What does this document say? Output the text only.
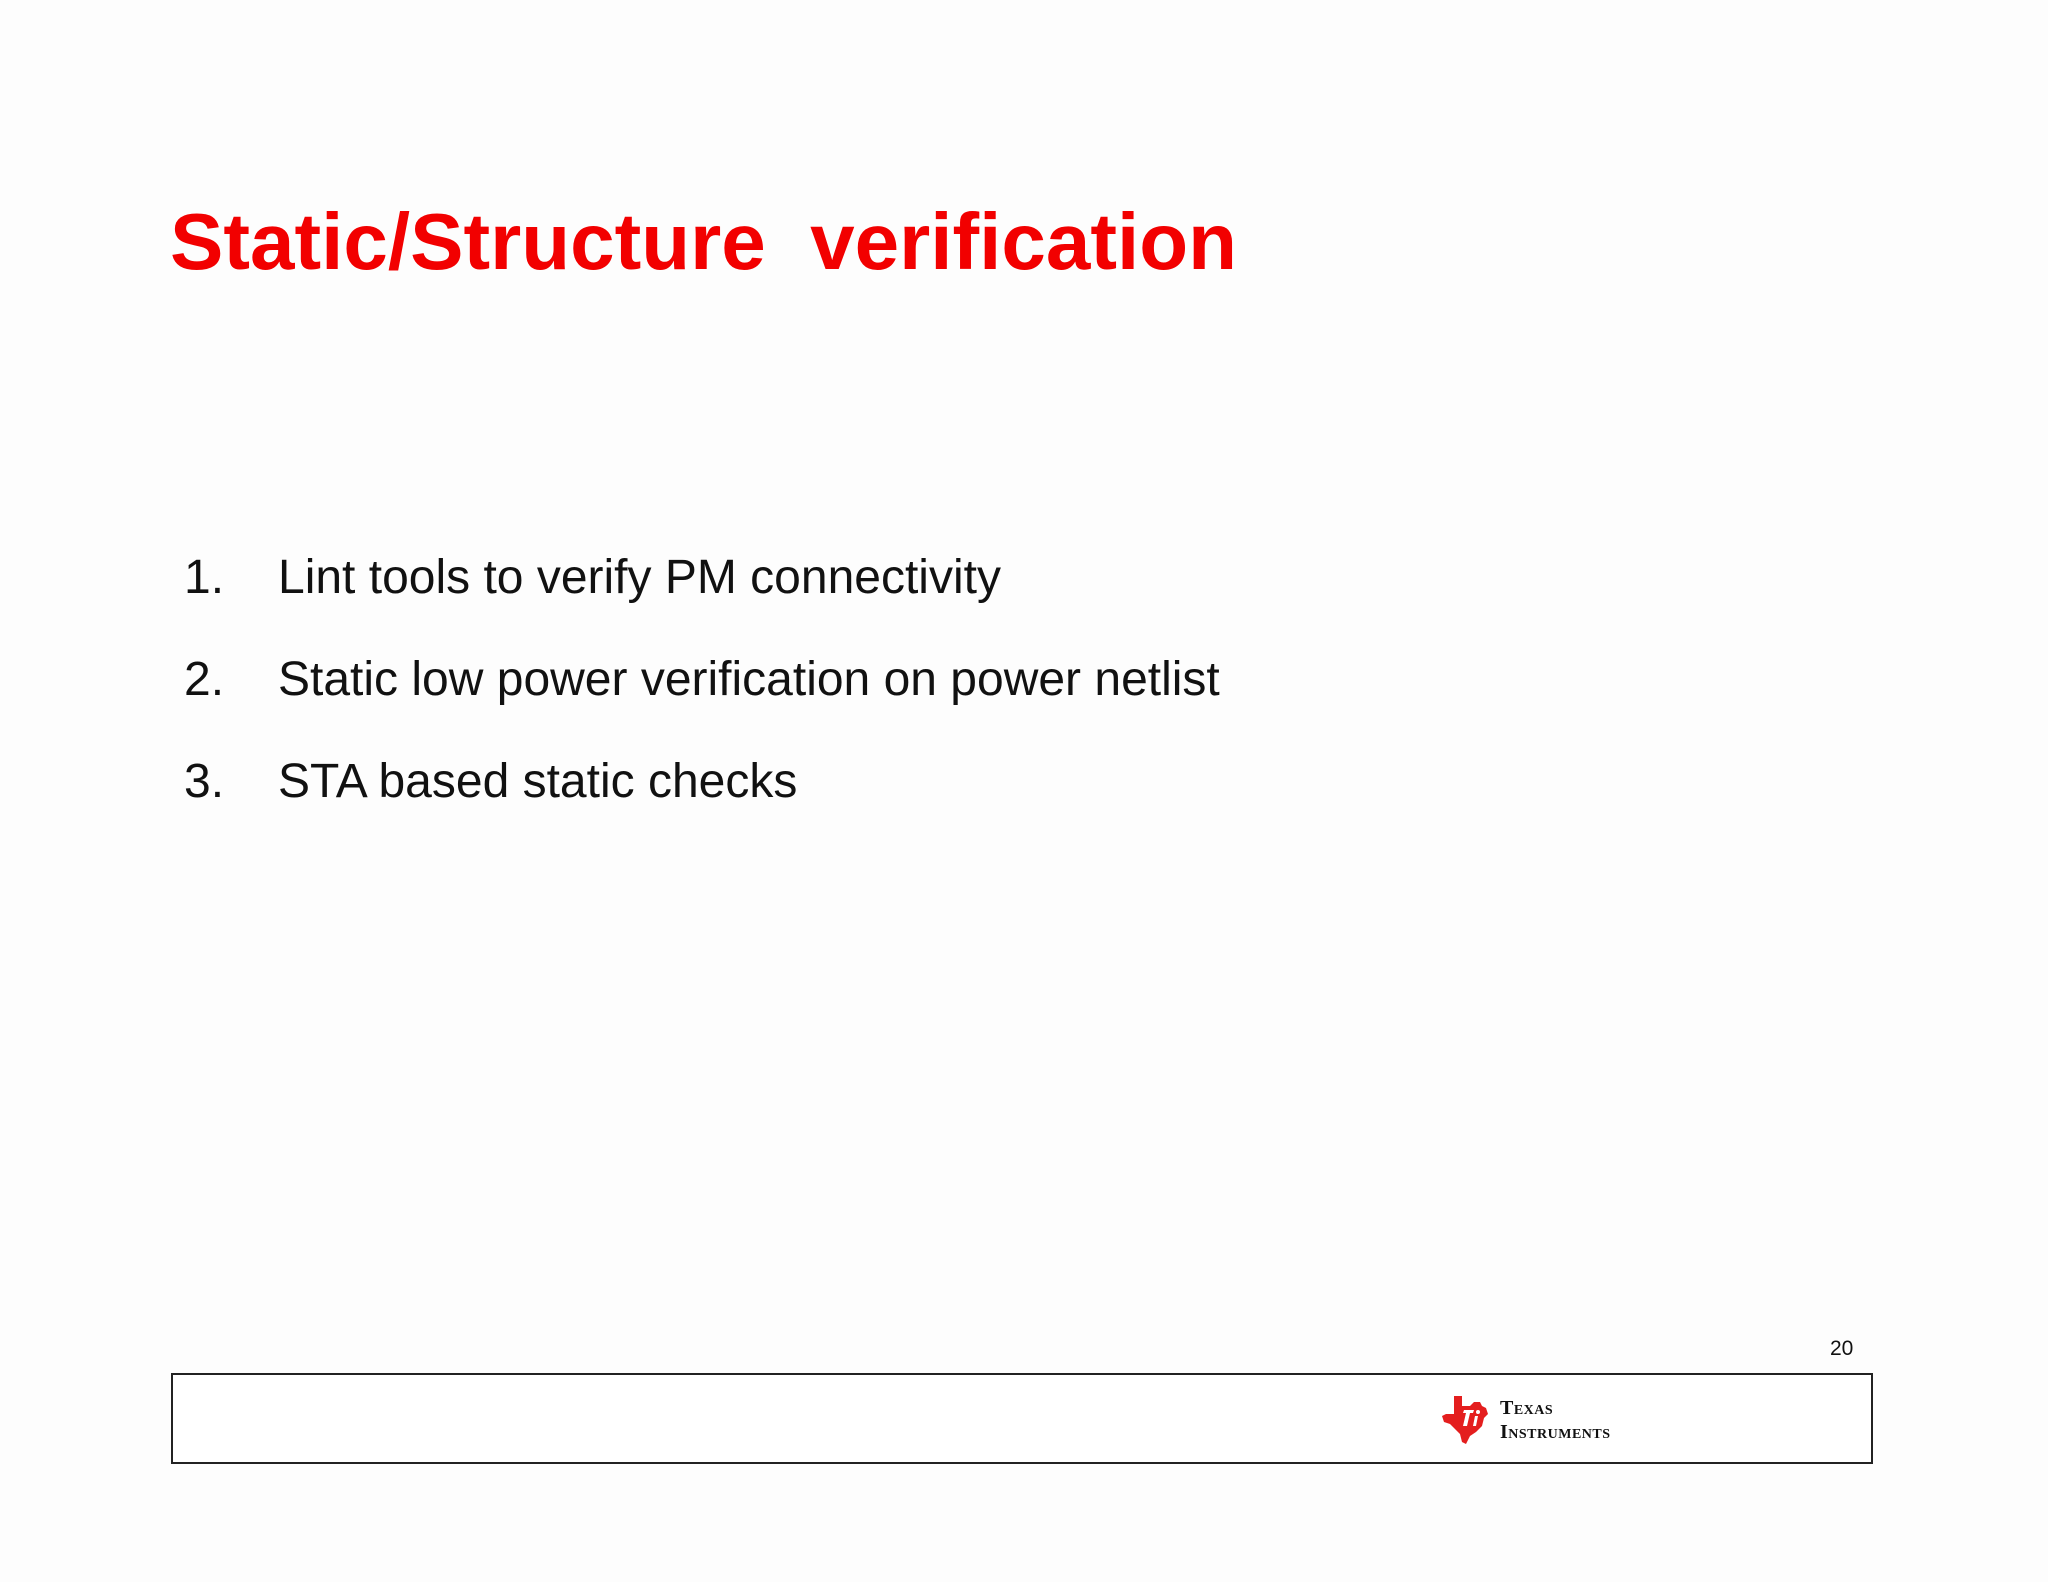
Static/Structure  verification
1.	Lint tools to verify PM connectivity
2.	Static low power verification on power netlist
3.	STA based static checks
20
Texas
Instruments
